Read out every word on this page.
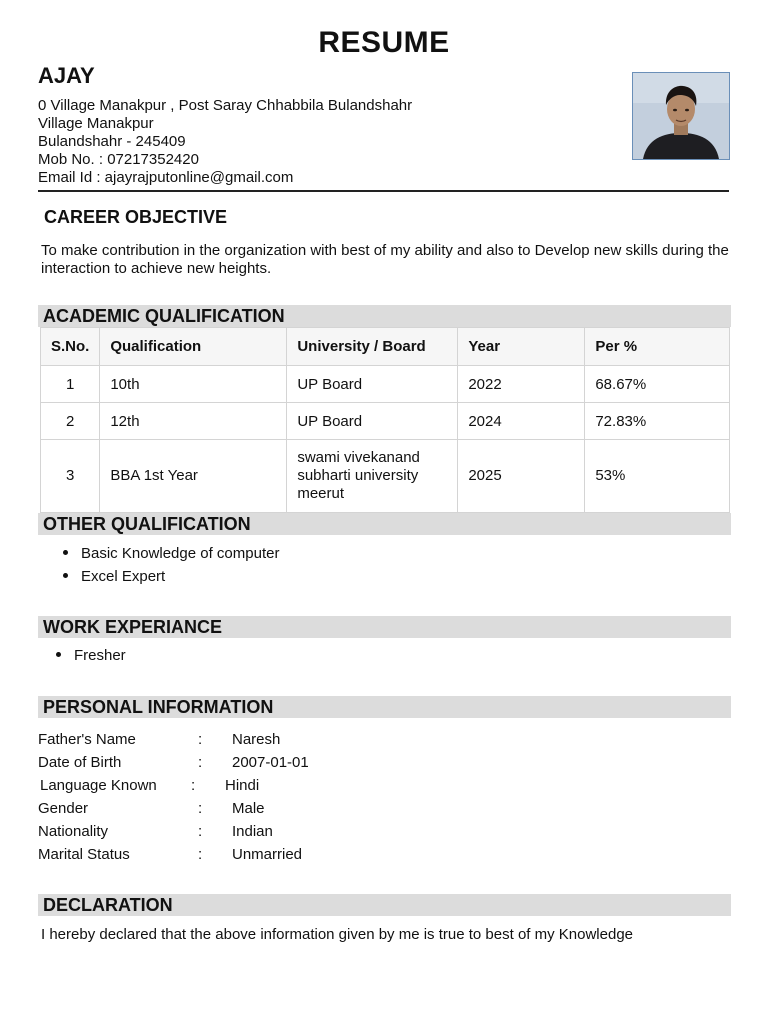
RESUME
AJAY
0 Village Manakpur , Post Saray Chhabbila Bulandshahr
Village Manakpur
Bulandshahr - 245409
Mob No. : 07217352420
Email Id : ajayrajputonline@gmail.com
CAREER OBJECTIVE
To make contribution in the organization with best of my ability and also to Develop new skills during the interaction to achieve new heights.
ACADEMIC QUALIFICATION
S.No.	Qualification	University / Board	Year	Per %
1	10th	UP Board	2022	68.67%
2	12th	UP Board	2024	72.83%
3	BBA 1st Year	swami vivekanand subharti university meerut	2025	53%
OTHER QUALIFICATION
Basic Knowledge of computer
Excel Expert
WORK EXPERIANCE
Fresher
PERSONAL INFORMATION
Father's Name	: Naresh
Date of Birth	: 2007-01-01
Language Known : Hindi
Gender	: Male
Nationality	: Indian
Marital Status	: Unmarried
DECLARATION
I hereby declared that the above information given by me is true to best of my Knowledge
